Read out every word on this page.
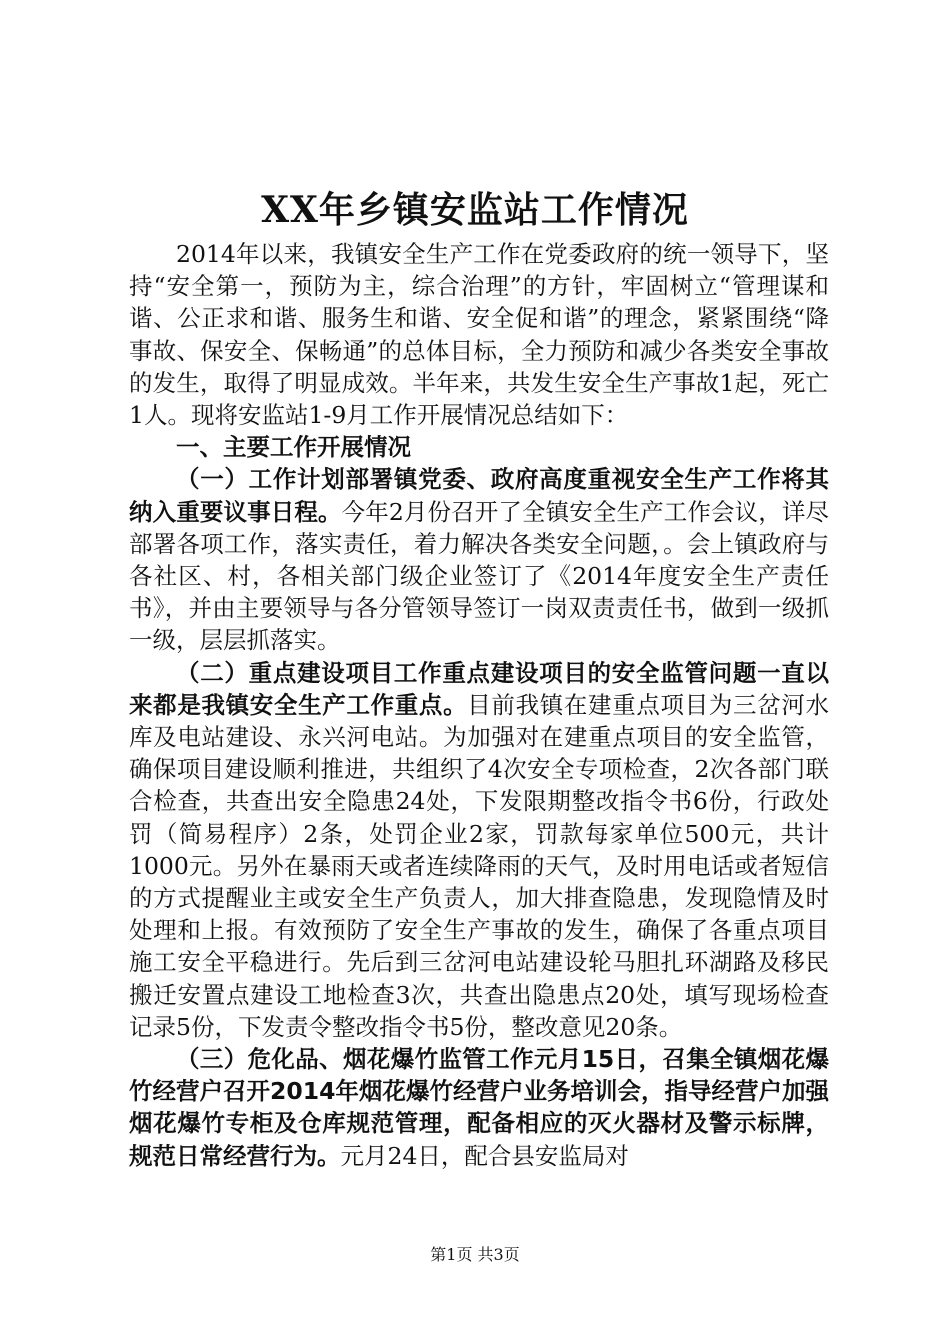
XX年乡镇安监站工作情况

2014年以来，我镇安全生产工作在党委政府的统一领导下，坚持“安全第一，预防为主，综合治理”的方针，牢固树立“管理谋和谐、公正求和谐、服务生和谐、安全促和谐”的理念，紧紧围绕“降事故、保安全、保畅通”的总体目标，全力预防和减少各类安全事故的发生，取得了明显成效。半年来，共发生安全生产事故1起，死亡1人。现将安监站1-9月工作开展情况总结如下：

一、主要工作开展情况

（一）工作计划部署镇党委、政府高度重视安全生产工作将其纳入重要议事日程。今年2月份召开了全镇安全生产工作会议，详尽部署各项工作，落实责任，着力解决各类安全问题，。会上镇政府与各社区、村，各相关部门级企业签订了《2014年度安全生产责任书》，并由主要领导与各分管领导签订一岗双责责任书，做到一级抓一级，层层抓落实。

（二）重点建设项目工作重点建设项目的安全监管问题一直以来都是我镇安全生产工作重点。目前我镇在建重点项目为三岔河水库及电站建设、永兴河电站。为加强对在建重点项目的安全监管，确保项目建设顺利推进，共组织了4次安全专项检查，2次各部门联合检查，共查出安全隐患24处，下发限期整改指令书6份，行政处罚（简易程序）2条，处罚企业2家，罚款每家单位500元，共计1000元。另外在暴雨天或者连续降雨的天气，及时用电话或者短信的方式提醒业主或安全生产负责人，加大排查隐患，发现隐情及时处理和上报。有效预防了安全生产事故的发生，确保了各重点项目施工安全平稳进行。先后到三岔河电站建设轮马胆扎环湖路及移民搬迁安置点建设工地检查3次，共查出隐患点20处，填写现场检查记录5份，下发责令整改指令书5份，整改意见20条。

（三）危化品、烟花爆竹监管工作元月15日，召集全镇烟花爆竹经营户召开2014年烟花爆竹经营户业务培训会，指导经营户加强烟花爆竹专柜及仓库规范管理，配备相应的灭火器材及警示标牌，规范日常经营行为。元月24日，配合县安监局对

第1页 共3页
